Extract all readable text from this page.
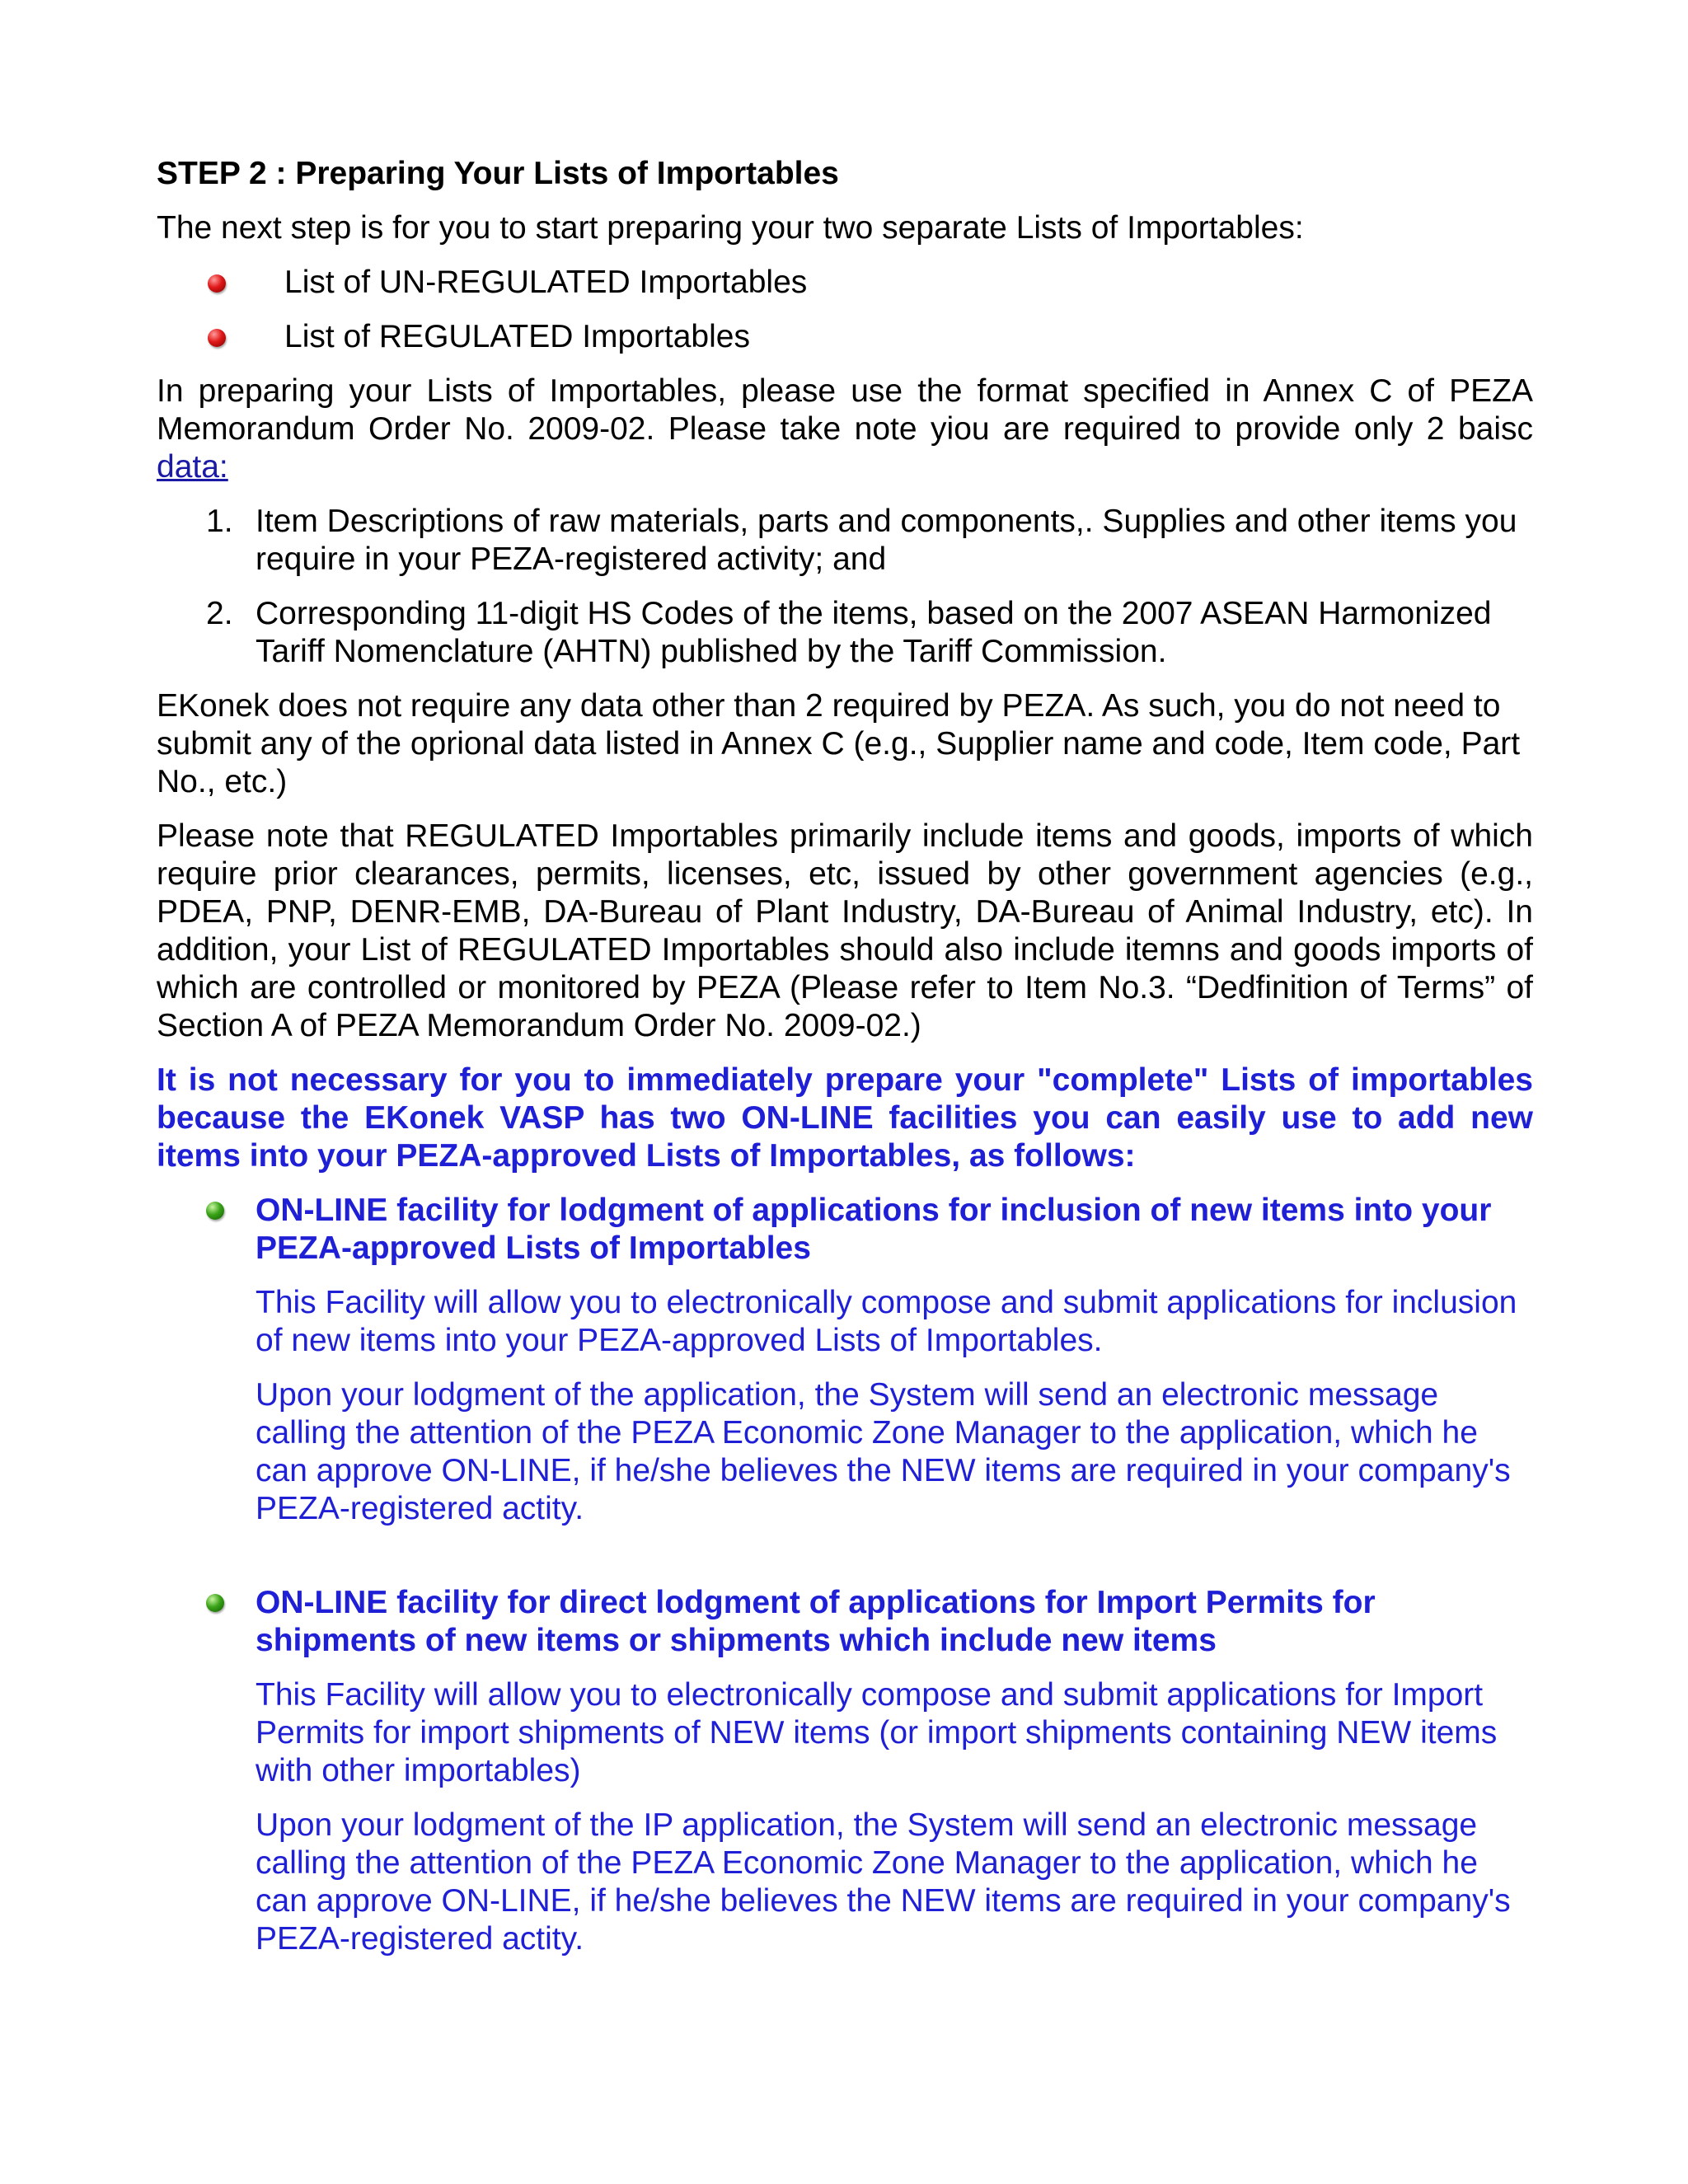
STEP 2 : Preparing Your Lists of Importables
The next step is for you to start preparing your two separate Lists of Importables:
List of UN-REGULATED Importables
List of REGULATED Importables
In preparing your Lists of Importables, please use the format specified in Annex C of PEZA Memorandum Order No. 2009-02. Please take note yiou are required to provide only 2 baisc data:
1. Item Descriptions of raw materials, parts and components,. Supplies and other items you require in your PEZA-registered activity; and
2. Corresponding 11-digit HS Codes of the items, based on the 2007 ASEAN Harmonized Tariff Nomenclature (AHTN) published by the Tariff Commission.
EKonek does not require any data other than 2 required by PEZA. As such, you do not need to submit any of the oprional data listed in Annex C (e.g., Supplier name and code, Item code, Part No., etc.)
Please note that REGULATED Importables primarily include items and goods, imports of which require prior clearances, permits, licenses, etc, issued by other government agencies (e.g., PDEA, PNP, DENR-EMB, DA-Bureau of Plant Industry, DA-Bureau of Animal Industry, etc). In addition, your List of REGULATED Importables should also include itemns and goods imports of which are controlled or monitored by PEZA (Please refer to Item No.3. “Dedfinition of Terms” of Section A of PEZA Memorandum Order No. 2009-02.)
It is not necessary for you to immediately prepare your "complete" Lists of importables because the EKonek VASP has two ON-LINE facilities you can easily use to add new items into your PEZA-approved Lists of Importables, as follows:
ON-LINE facility for lodgment of applications for inclusion of new items into your PEZA-approved Lists of Importables
This Facility will allow you to electronically compose and submit applications for inclusion of new items into your PEZA-approved Lists of Importables.
Upon your lodgment of the application, the System will send an electronic message calling the attention of the PEZA Economic Zone Manager to the application, which he can approve ON-LINE, if he/she believes the NEW items are required in your company's PEZA-registered actity.
ON-LINE facility for direct lodgment of applications for Import Permits for shipments of new items or shipments which include new items
This Facility will allow you to electronically compose and submit applications for Import Permits for import shipments of NEW items (or import shipments containing NEW items with other importables)
Upon your lodgment of the IP application, the System will send an electronic message calling the attention of the PEZA Economic Zone Manager to the application, which he can approve ON-LINE, if he/she believes the NEW items are required in your company's PEZA-registered actity.
